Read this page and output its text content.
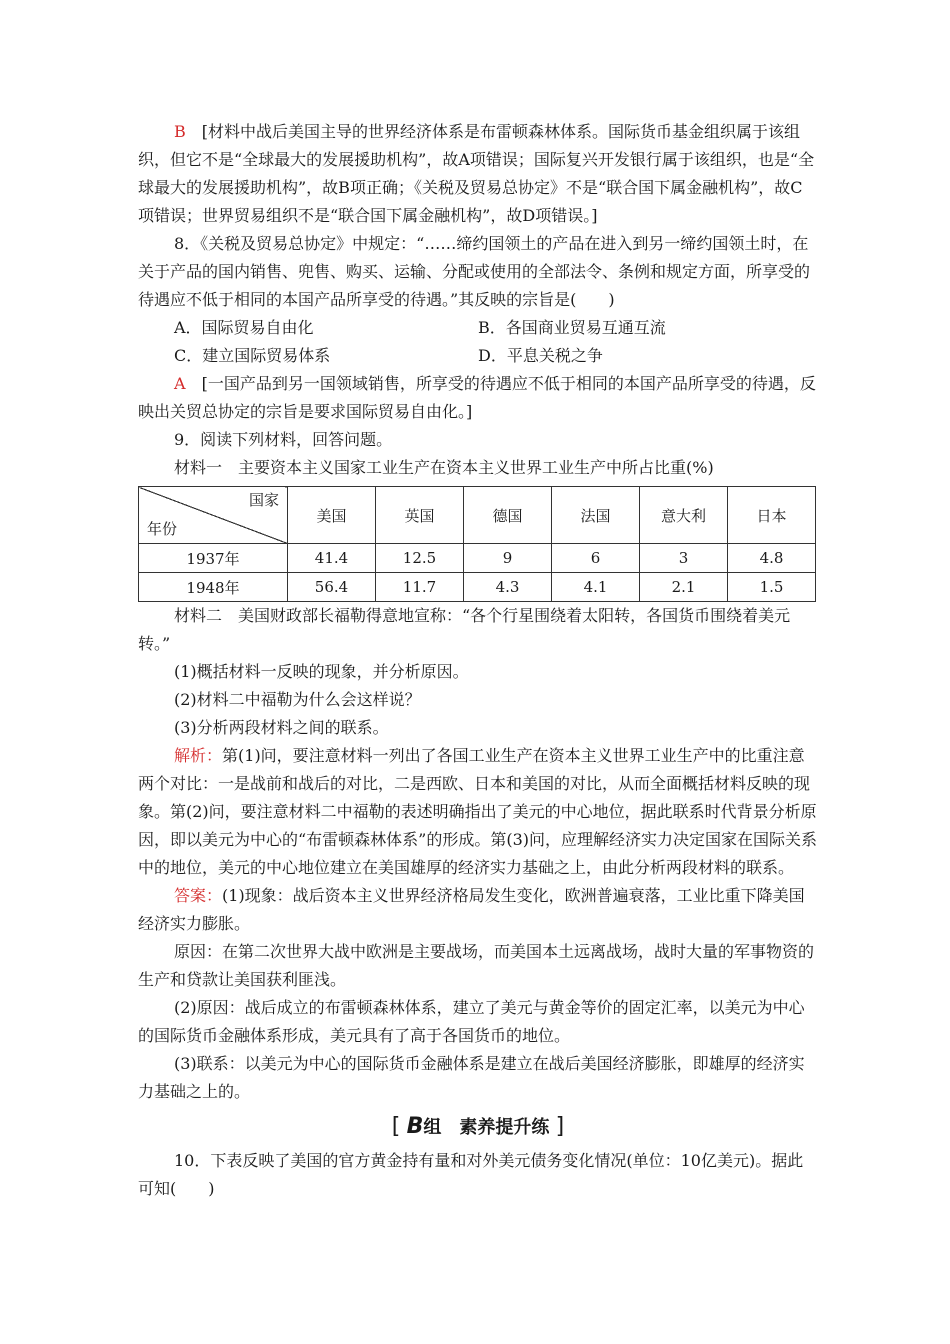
B　 [材料中战后美国主导的世界经济体系是布雷顿森林体系。国际货币基金组织属于该组织，但它不是“全球最大的发展援助机构”，故A项错误；国际复兴开发银行属于该组织，也是“全球最大的发展援助机构”，故B项正确；《关税及贸易总协定》不是“联合国下属金融机构”，故C项错误；世界贸易组织不是“联合国下属金融机构”，故D项错误。]

8．《关税及贸易总协定》中规定：“……缔约国领土的产品在进入到另一缔约国领土时，在关于产品的国内销售、兜售、购买、运输、分配或使用的全部法令、条例和规定方面，所享受的待遇应不低于相同的本国产品所享受的待遇。”其反映的宗旨是(　　)

A．国际贸易自由化	B．各国商业贸易互通互流
C．建立国际贸易体系	D．平息关税之争

A　 [一国产品到另一国领域销售，所享受的待遇应不低于相同的本国产品所享受的待遇，反映出关贸总协定的宗旨是要求国际贸易自由化。]

9．阅读下列材料，回答问题。

材料一　主要资本主义国家工业生产在资本主义世界工业生产中所占比重(%)

国家
年份	美国	英国	德国	法国	意大利	日本
1937年	41.4	12.5	9	6	3	4.8
1948年	56.4	11.7	4.3	4.1	2.1	1.5

材料二　美国财政部长福勒得意地宣称：“各个行星围绕着太阳转，各国货币围绕着美元转。”

(1)概括材料一反映的现象，并分析原因。

(2)材料二中福勒为什么会这样说？

(3)分析两段材料之间的联系。

解析：第(1)问，要注意材料一列出了各国工业生产在资本主义世界工业生产中的比重注意两个对比：一是战前和战后的对比，二是西欧、日本和美国的对比，从而全面概括材料反映的现象。第(2)问，要注意材料二中福勒的表述明确指出了美元的中心地位，据此联系时代背景分析原因，即以美元为中心的“布雷顿森林体系”的形成。第(3)问，应理解经济实力决定国家在国际关系中的地位，美元的中心地位建立在美国雄厚的经济实力基础之上，由此分析两段材料的联系。

答案：(1)现象：战后资本主义世界经济格局发生变化，欧洲普遍衰落，工业比重下降美国经济实力膨胀。

原因：在第二次世界大战中欧洲是主要战场，而美国本土远离战场，战时大量的军事物资的生产和贷款让美国获利匪浅。

(2)原因：战后成立的布雷顿森林体系，建立了美元与黄金等价的固定汇率，以美元为中心的国际货币金融体系形成，美元具有了高于各国货币的地位。

(3)联系：以美元为中心的国际货币金融体系是建立在战后美国经济膨胀，即雄厚的经济实力基础之上的。

[ B组　素养提升练 ]

10．下表反映了美国的官方黄金持有量和对外美元债务变化情况(单位：10亿美元)。据此可知(　　)
